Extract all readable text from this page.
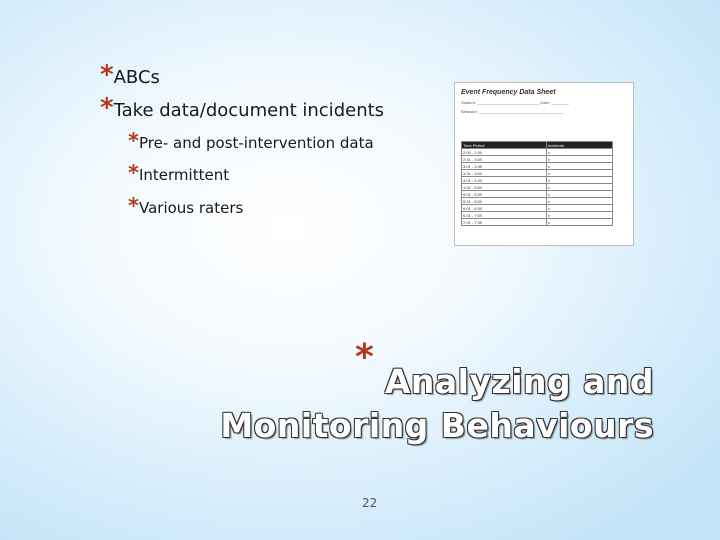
*ABCs
*Take data/document incidents
*Pre- and post-intervention data
*Intermittent
*Various raters
Event Frequency Data Sheet
Student: ____________________________ Date: ________
Behavior: ______________________________________
Time Period	Incidents
2:00 - 2:30	x
2:31 - 3:00	x
3:01 - 3:30	x
3:31 - 4:00	x
4:01 - 4:30	x
4:31 - 5:00	x
5:01 - 5:30	x
5:31 - 6:00	x
6:01 - 6:30	x
6:31 - 7:00	x
7:01 - 7:30	x
*
Analyzing and
Monitoring Behaviours
22
